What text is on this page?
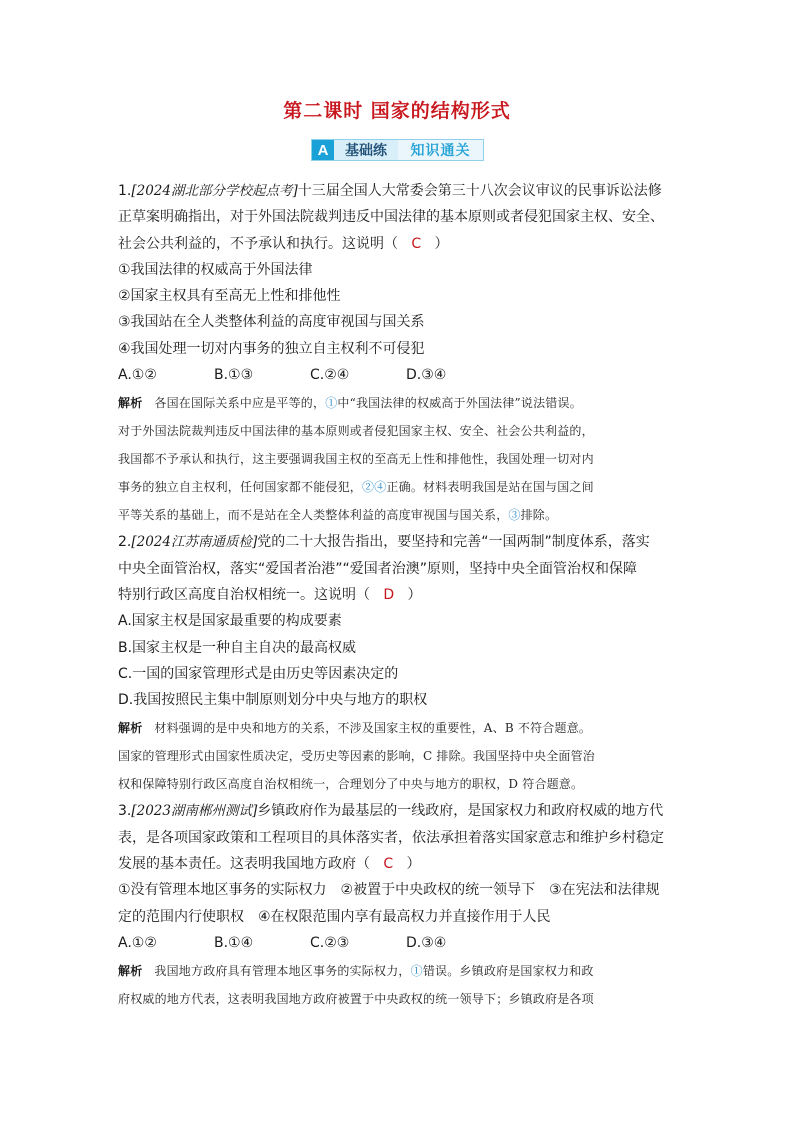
第二课时 国家的结构形式
A	基础练	知识通关
1.[2024湖北部分学校起点考]十三届全国人大常委会第三十八次会议审议的民事诉讼法修
正草案明确指出，对于外国法院裁判违反中国法律的基本原则或者侵犯国家主权、安全、
社会公共利益的，不予承认和执行。这说明（ C ）
①我国法律的权威高于外国法律
②国家主权具有至高无上性和排他性
③我国站在全人类整体利益的高度审视国与国关系
④我国处理一切对内事务的独立自主权利不可侵犯
A.①②	B.①③	C.②④	D.③④
解析 各国在国际关系中应是平等的，①中“我国法律的权威高于外国法律”说法错误。
对于外国法院裁判违反中国法律的基本原则或者侵犯国家主权、安全、社会公共利益的，
我国都不予承认和执行，这主要强调我国主权的至高无上性和排他性，我国处理一切对内
事务的独立自主权利，任何国家都不能侵犯，②④正确。材料表明我国是站在国与国之间
平等关系的基础上，而不是站在全人类整体利益的高度审视国与国关系，③排除。
2.[2024江苏南通质检]党的二十大报告指出，要坚持和完善“一国两制”制度体系，落实
中央全面管治权，落实“爱国者治港”“爱国者治澳”原则，坚持中央全面管治权和保障
特别行政区高度自治权相统一。这说明（ D ）
A.国家主权是国家最重要的构成要素
B.国家主权是一种自主自决的最高权威
C.一国的国家管理形式是由历史等因素决定的
D.我国按照民主集中制原则划分中央与地方的职权
解析 材料强调的是中央和地方的关系，不涉及国家主权的重要性，A、B 不符合题意。
国家的管理形式由国家性质决定，受历史等因素的影响，C 排除。我国坚持中央全面管治
权和保障特别行政区高度自治权相统一，合理划分了中央与地方的职权，D 符合题意。
3.[2023湖南郴州测试]乡镇政府作为最基层的一线政府，是国家权力和政府权威的地方代
表，是各项国家政策和工程项目的具体落实者，依法承担着落实国家意志和维护乡村稳定
发展的基本责任。这表明我国地方政府（ C ）
①没有管理本地区事务的实际权力　②被置于中央政权的统一领导下　③在宪法和法律规
定的范围内行使职权　④在权限范围内享有最高权力并直接作用于人民
A.①②	B.①④	C.②③	D.③④
解析 我国地方政府具有管理本地区事务的实际权力，①错误。乡镇政府是国家权力和政
府权威的地方代表，这表明我国地方政府被置于中央政权的统一领导下；乡镇政府是各项
